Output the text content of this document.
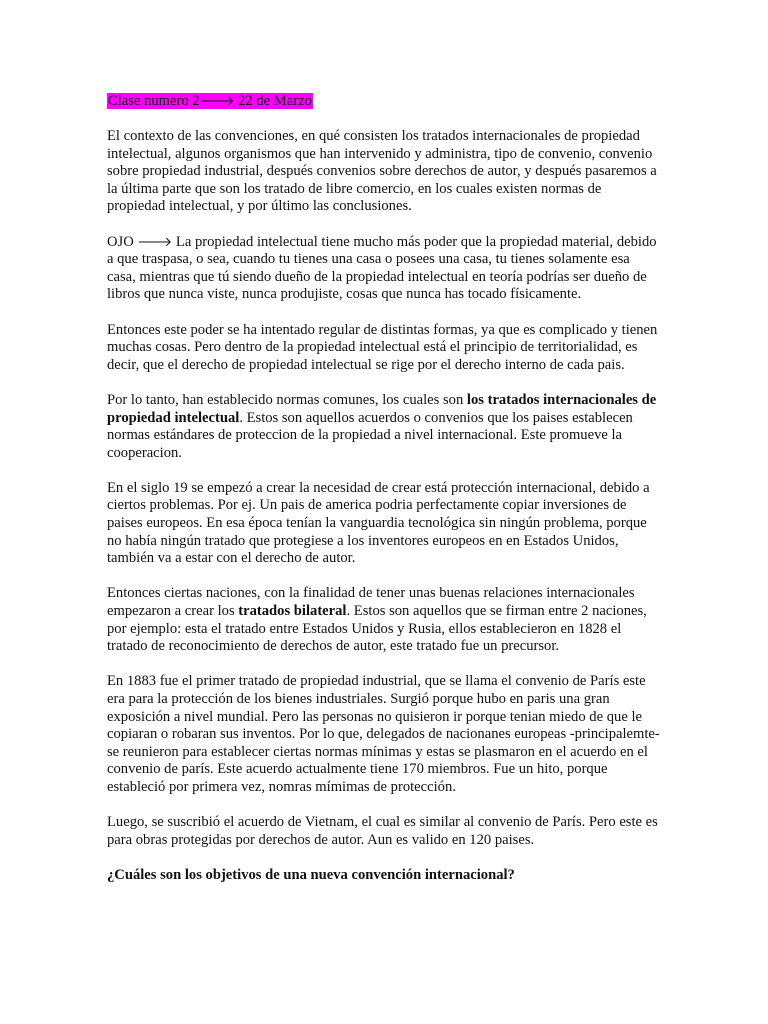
Clase numero 2🡒 22 de Marzo

El contexto de las convenciones, en qué consisten los tratados internacionales de propiedad intelectual, algunos organismos que han intervenido y administra, tipo de convenio, convenio sobre propiedad industrial, después convenios sobre derechos de autor, y después pasaremos a la última parte que son los tratado de libre comercio, en los cuales existen normas de propiedad intelectual, y por último las conclusiones.

OJO 🡒 La propiedad intelectual tiene mucho más poder que la propiedad material, debido a que traspasa, o sea, cuando tu tienes una casa o posees una casa, tu tienes solamente esa casa, mientras que tú siendo dueño de la propiedad intelectual en teoría podrías ser dueño de libros que nunca viste, nunca produjiste, cosas que nunca has tocado físicamente.

Entonces este poder se ha intentado regular de distintas formas, ya que es complicado y tienen muchas cosas. Pero dentro de la propiedad intelectual está el principio de territorialidad, es decir, que el derecho de propiedad intelectual se rige por el derecho interno de cada pais.

Por lo tanto, han establecido normas comunes, los cuales son los tratados internacionales de propiedad intelectual. Estos son aquellos acuerdos o convenios que los paises establecen normas estándares de proteccion de la propiedad a nivel internacional. Este promueve la cooperacion.

En el siglo 19 se empezó a crear la necesidad de crear está protección internacional, debido a ciertos problemas. Por ej. Un pais de america podria perfectamente copiar inversiones de paises europeos. En esa época tenían la vanguardia tecnológica sin ningún problema, porque no había ningún tratado que protegiese a los inventores europeos en en Estados Unidos, también va a estar con el derecho de autor.

Entonces ciertas naciones, con la finalidad de tener unas buenas relaciones internacionales empezaron a crear los tratados bilateral. Estos son aquellos que se firman entre 2 naciones, por ejemplo: esta el tratado entre Estados Unidos y Rusia, ellos establecieron en 1828 el tratado de reconocimiento de derechos de autor, este tratado fue un precursor.

En 1883 fue el primer tratado de propiedad industrial, que se llama el convenio de París este era para la protección de los bienes industriales. Surgió porque hubo en paris una gran exposición a nivel mundial. Pero las personas no quisieron ir porque tenian miedo de que le copiaran o robaran sus inventos. Por lo que, delegados de nacionanes europeas -principalemte- se reunieron para establecer ciertas normas mínimas y estas se plasmaron en el acuerdo en el convenio de parís. Este acuerdo actualmente tiene 170 miembros. Fue un hito, porque estableció por primera vez, nomras mímimas de protección.

Luego, se suscribió el acuerdo de Vietnam, el cual es similar al convenio de París. Pero este es para obras protegidas por derechos de autor. Aun es valido en 120 paises.

¿Cuáles son los objetivos de una nueva convención internacional?
